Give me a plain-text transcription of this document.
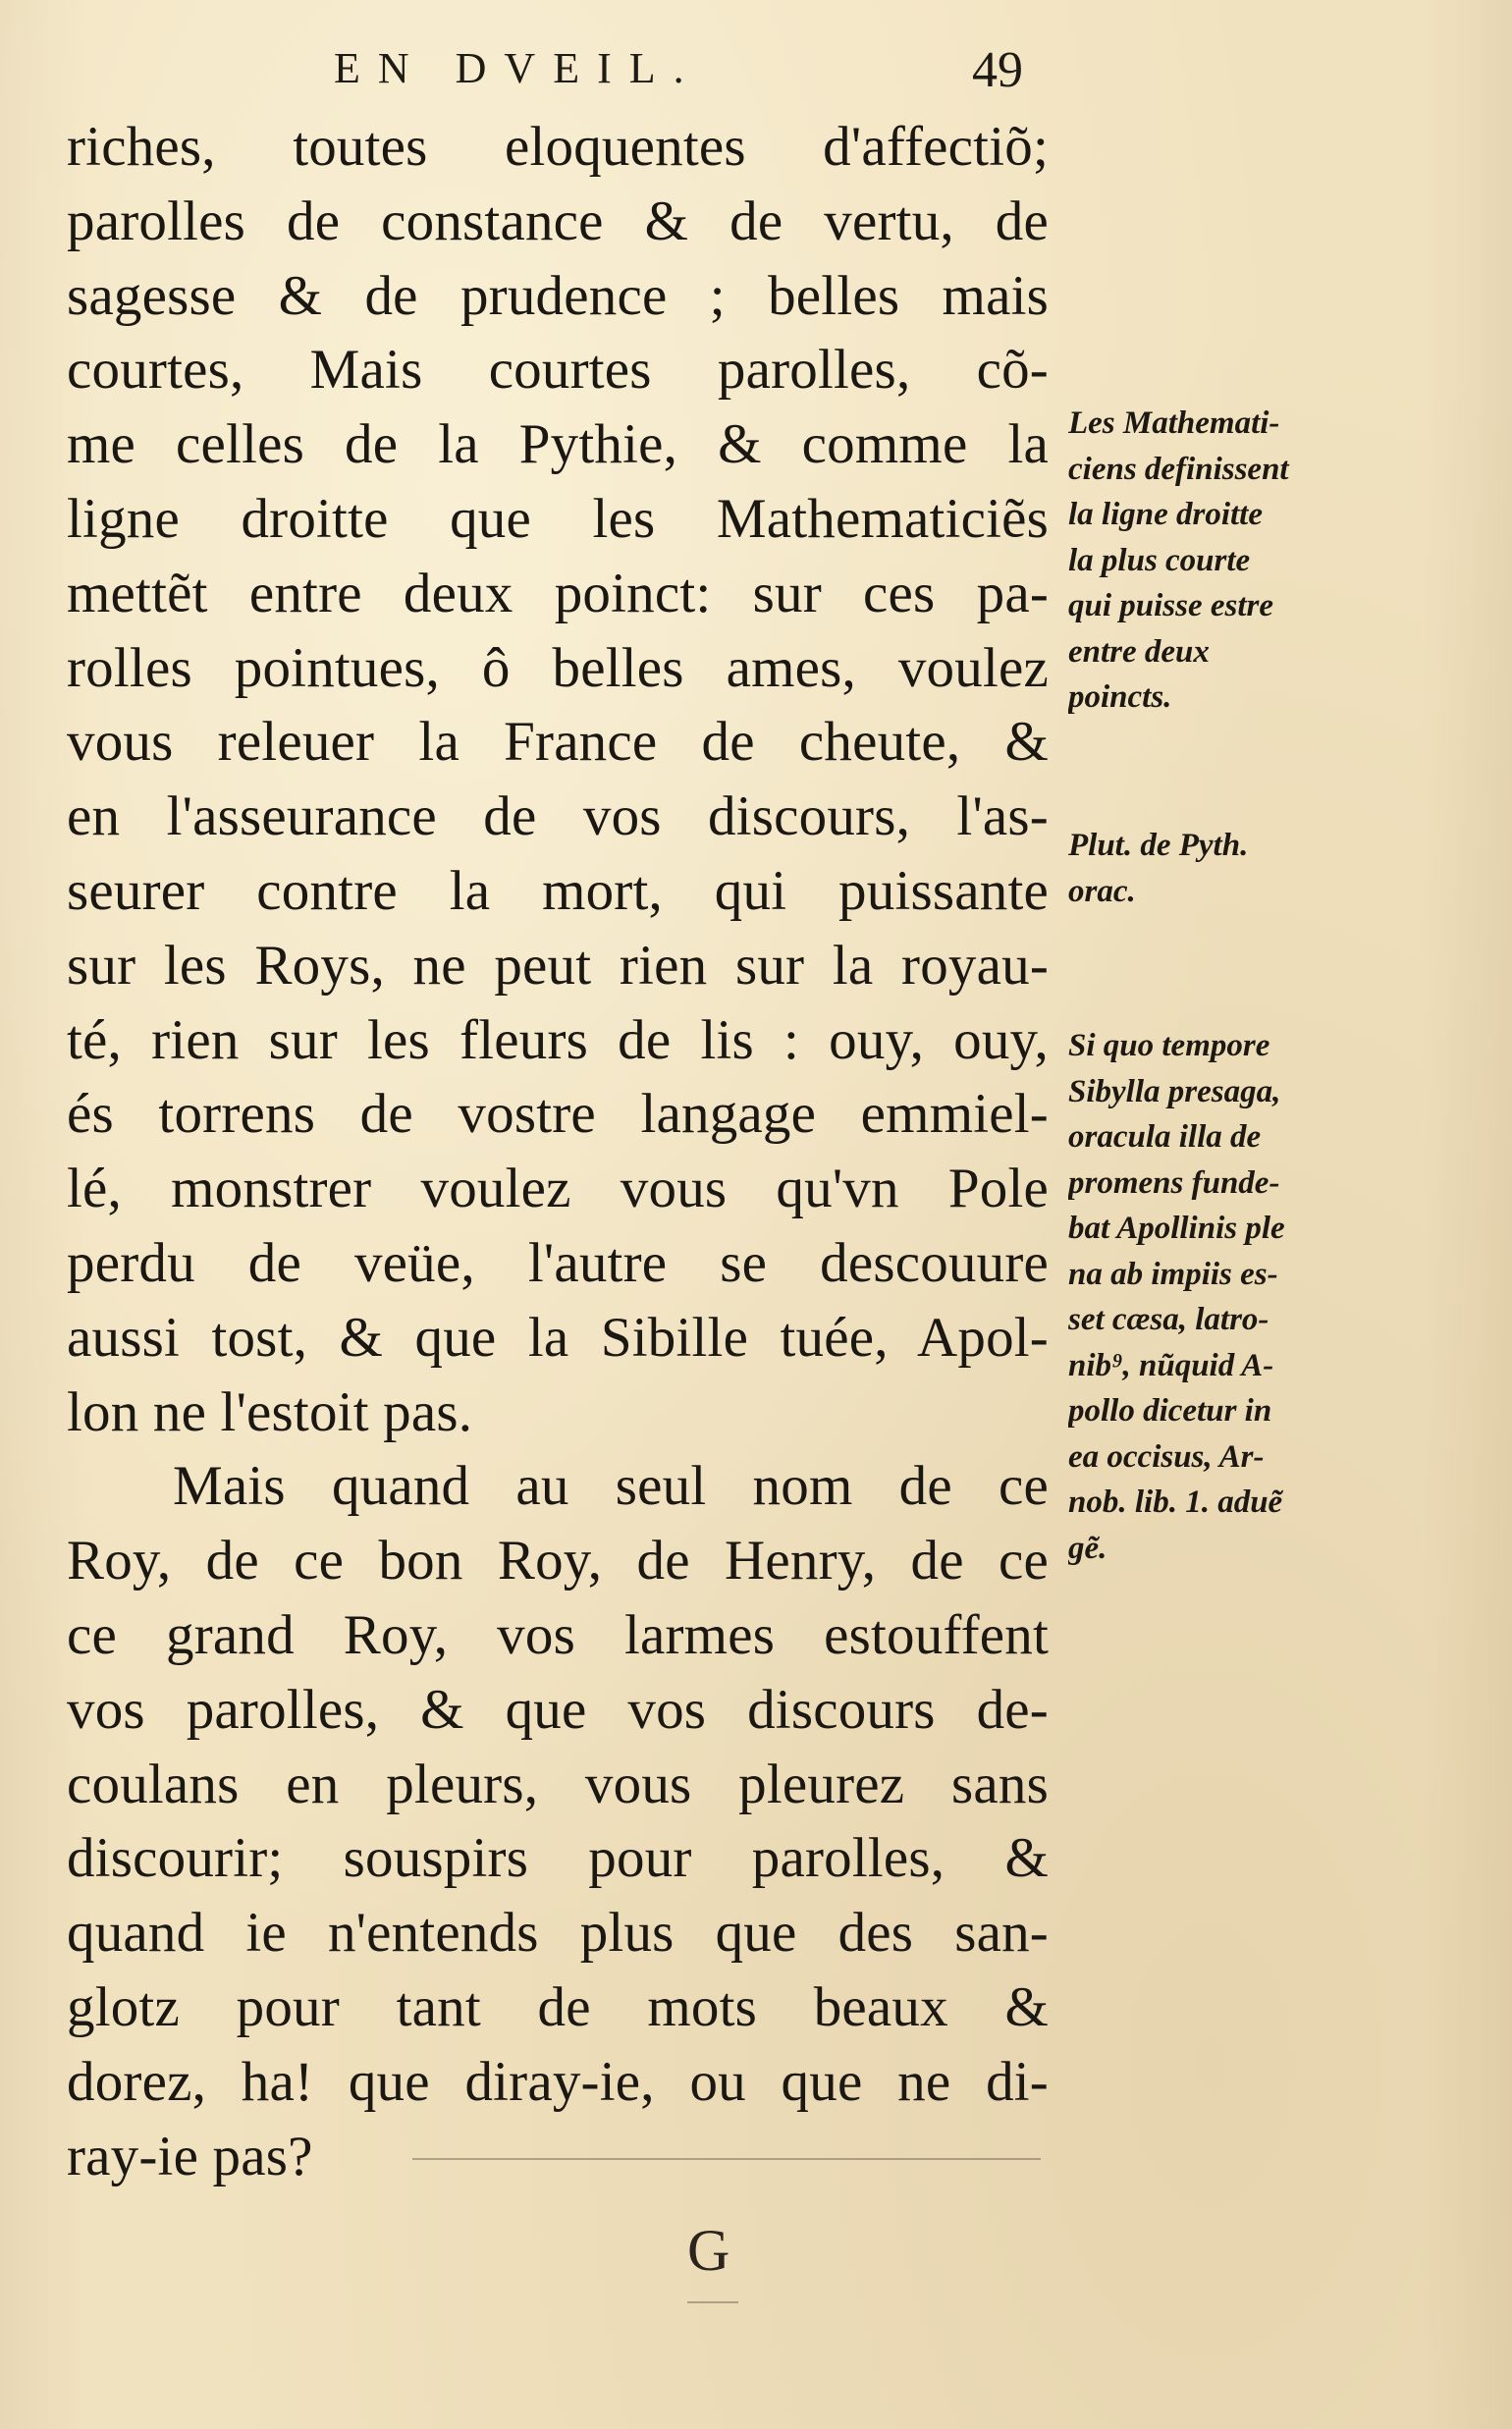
EN DVEIL.	49
riches, toutes eloquentes d'affectiõ;
parolles de constance & de vertu, de
sagesse & de prudence ; belles mais
courtes, Mais courtes parolles, cõ-
me celles de la Pythie, & comme la
ligne droitte que les Mathematiciẽs
mettẽt entre deux poinct: sur ces pa-
rolles pointues, ô belles ames, voulez
vous releuer la France de cheute, &
en l'asseurance de vos discours, l'as-
seurer contre la mort, qui puissante
sur les Roys, ne peut rien sur la royau-
té, rien sur les fleurs de lis : ouy, ouy,
és torrens de vostre langage emmiel-
lé, monstrer voulez vous qu'vn Pole
perdu de veüe, l'autre se descouure
aussi tost, & que la Sibille tuée, Apol-
lon ne l'estoit pas.
Mais quand au seul nom de ce
Roy, de ce bon Roy, de Henry, de ce
ce grand Roy, vos larmes estouffent
vos parolles, & que vos discours de-
coulans en pleurs, vous pleurez sans
discourir; souspirs pour parolles, &
quand ie n'entends plus que des san-
glotz pour tant de mots beaux &
dorez, ha! que diray-ie, ou que ne di-
ray-ie pas?
Les Mathemati-
ciens definissent
la ligne droitte
la plus courte
qui puisse estre
entre deux
poincts.
Plut. de Pyth.
orac.
Si quo tempore
Sibylla presaga,
oracula illa de
promens funde-
bat Apollinis ple
na ab impiis es-
set cæsa, latro-
nib⁹, nũquid A-
pollo dicetur in
ea occisus, Ar-
nob. lib. 1. aduẽ
gẽ.
G
